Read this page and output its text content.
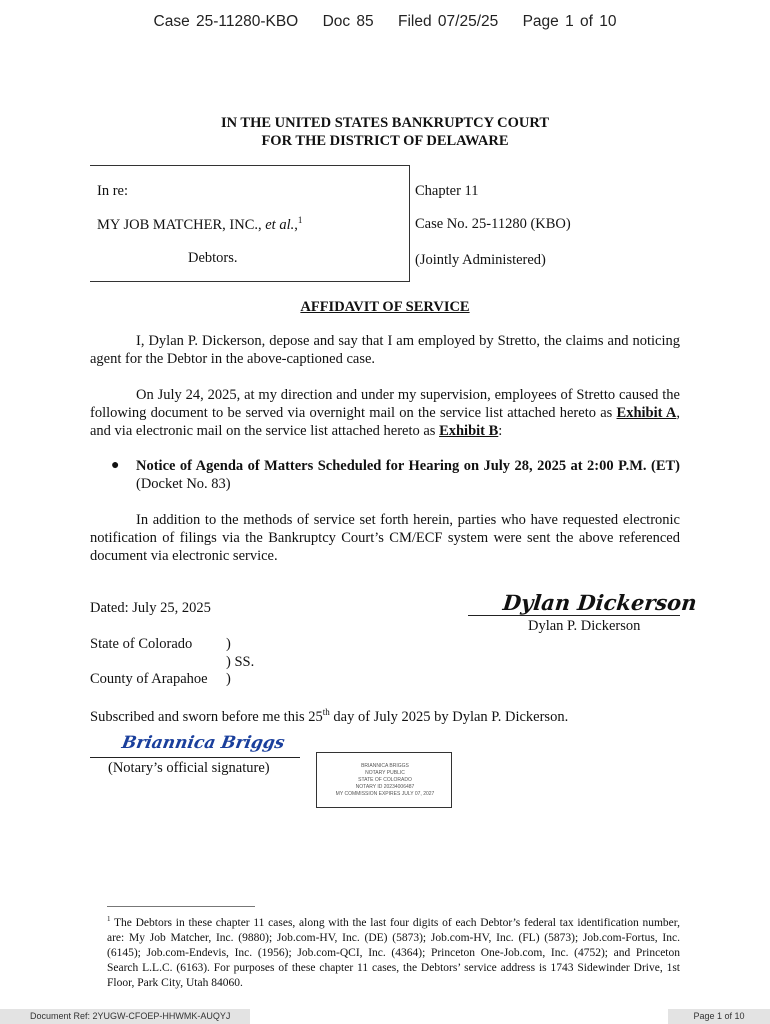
Case 25-11280-KBO Doc 85 Filed 07/25/25 Page 1 of 10
IN THE UNITED STATES BANKRUPTCY COURT
FOR THE DISTRICT OF DELAWARE
In re:
MY JOB MATCHER, INC., et al.,$^1$
Debtors.
Chapter 11
Case No. 25-11280 (KBO)
(Jointly Administered)
AFFIDAVIT OF SERVICE
I, Dylan P. Dickerson, depose and say that I am employed by Stretto, the claims and noticing agent for the Debtor in the above-captioned case.
On July 24, 2025, at my direction and under my supervision, employees of Stretto caused the following document to be served via overnight mail on the service list attached hereto as Exhibit A, and via electronic mail on the service list attached hereto as Exhibit B:
● Notice of Agenda of Matters Scheduled for Hearing on July 28, 2025 at 2:00 P.M. (ET) (Docket No. 83)
In addition to the methods of service set forth herein, parties who have requested electronic notification of filings via the Bankruptcy Court’s CM/ECF system were sent the above referenced document via electronic service.
Dated: July 25, 2025	Dylan Dickerson
Dylan P. Dickerson
State of Colorado )
) SS.
County of Arapahoe )
Subscribed and sworn before me this 25th day of July 2025 by Dylan P. Dickerson.
Briannica Briggs
(Notary’s official signature)	BRIANNICA BRIGGS
NOTARY PUBLIC
STATE OF COLORADO
NOTARY ID 20234006487
MY COMMISSION EXPIRES JULY 07, 2027
$^1$ The Debtors in these chapter 11 cases, along with the last four digits of each Debtor’s federal tax identification number, are: My Job Matcher, Inc. (9880); Job.com-HV, Inc. (DE) (5873); Job.com-HV, Inc. (FL) (5873); Job.com-Fortus, Inc. (6145); Job.com-Endevis, Inc. (1956); Job.com-QCI, Inc. (4364); Princeton One-Job.com, Inc. (4752); and Princeton Search L.L.C. (6163). For purposes of these chapter 11 cases, the Debtors’ service address is 1743 Sidewinder Drive, 1st Floor, Park City, Utah 84060.
Document Ref: 2YUGW-CFOEP-HHWMK-AUQYJ	Page 1 of 10
